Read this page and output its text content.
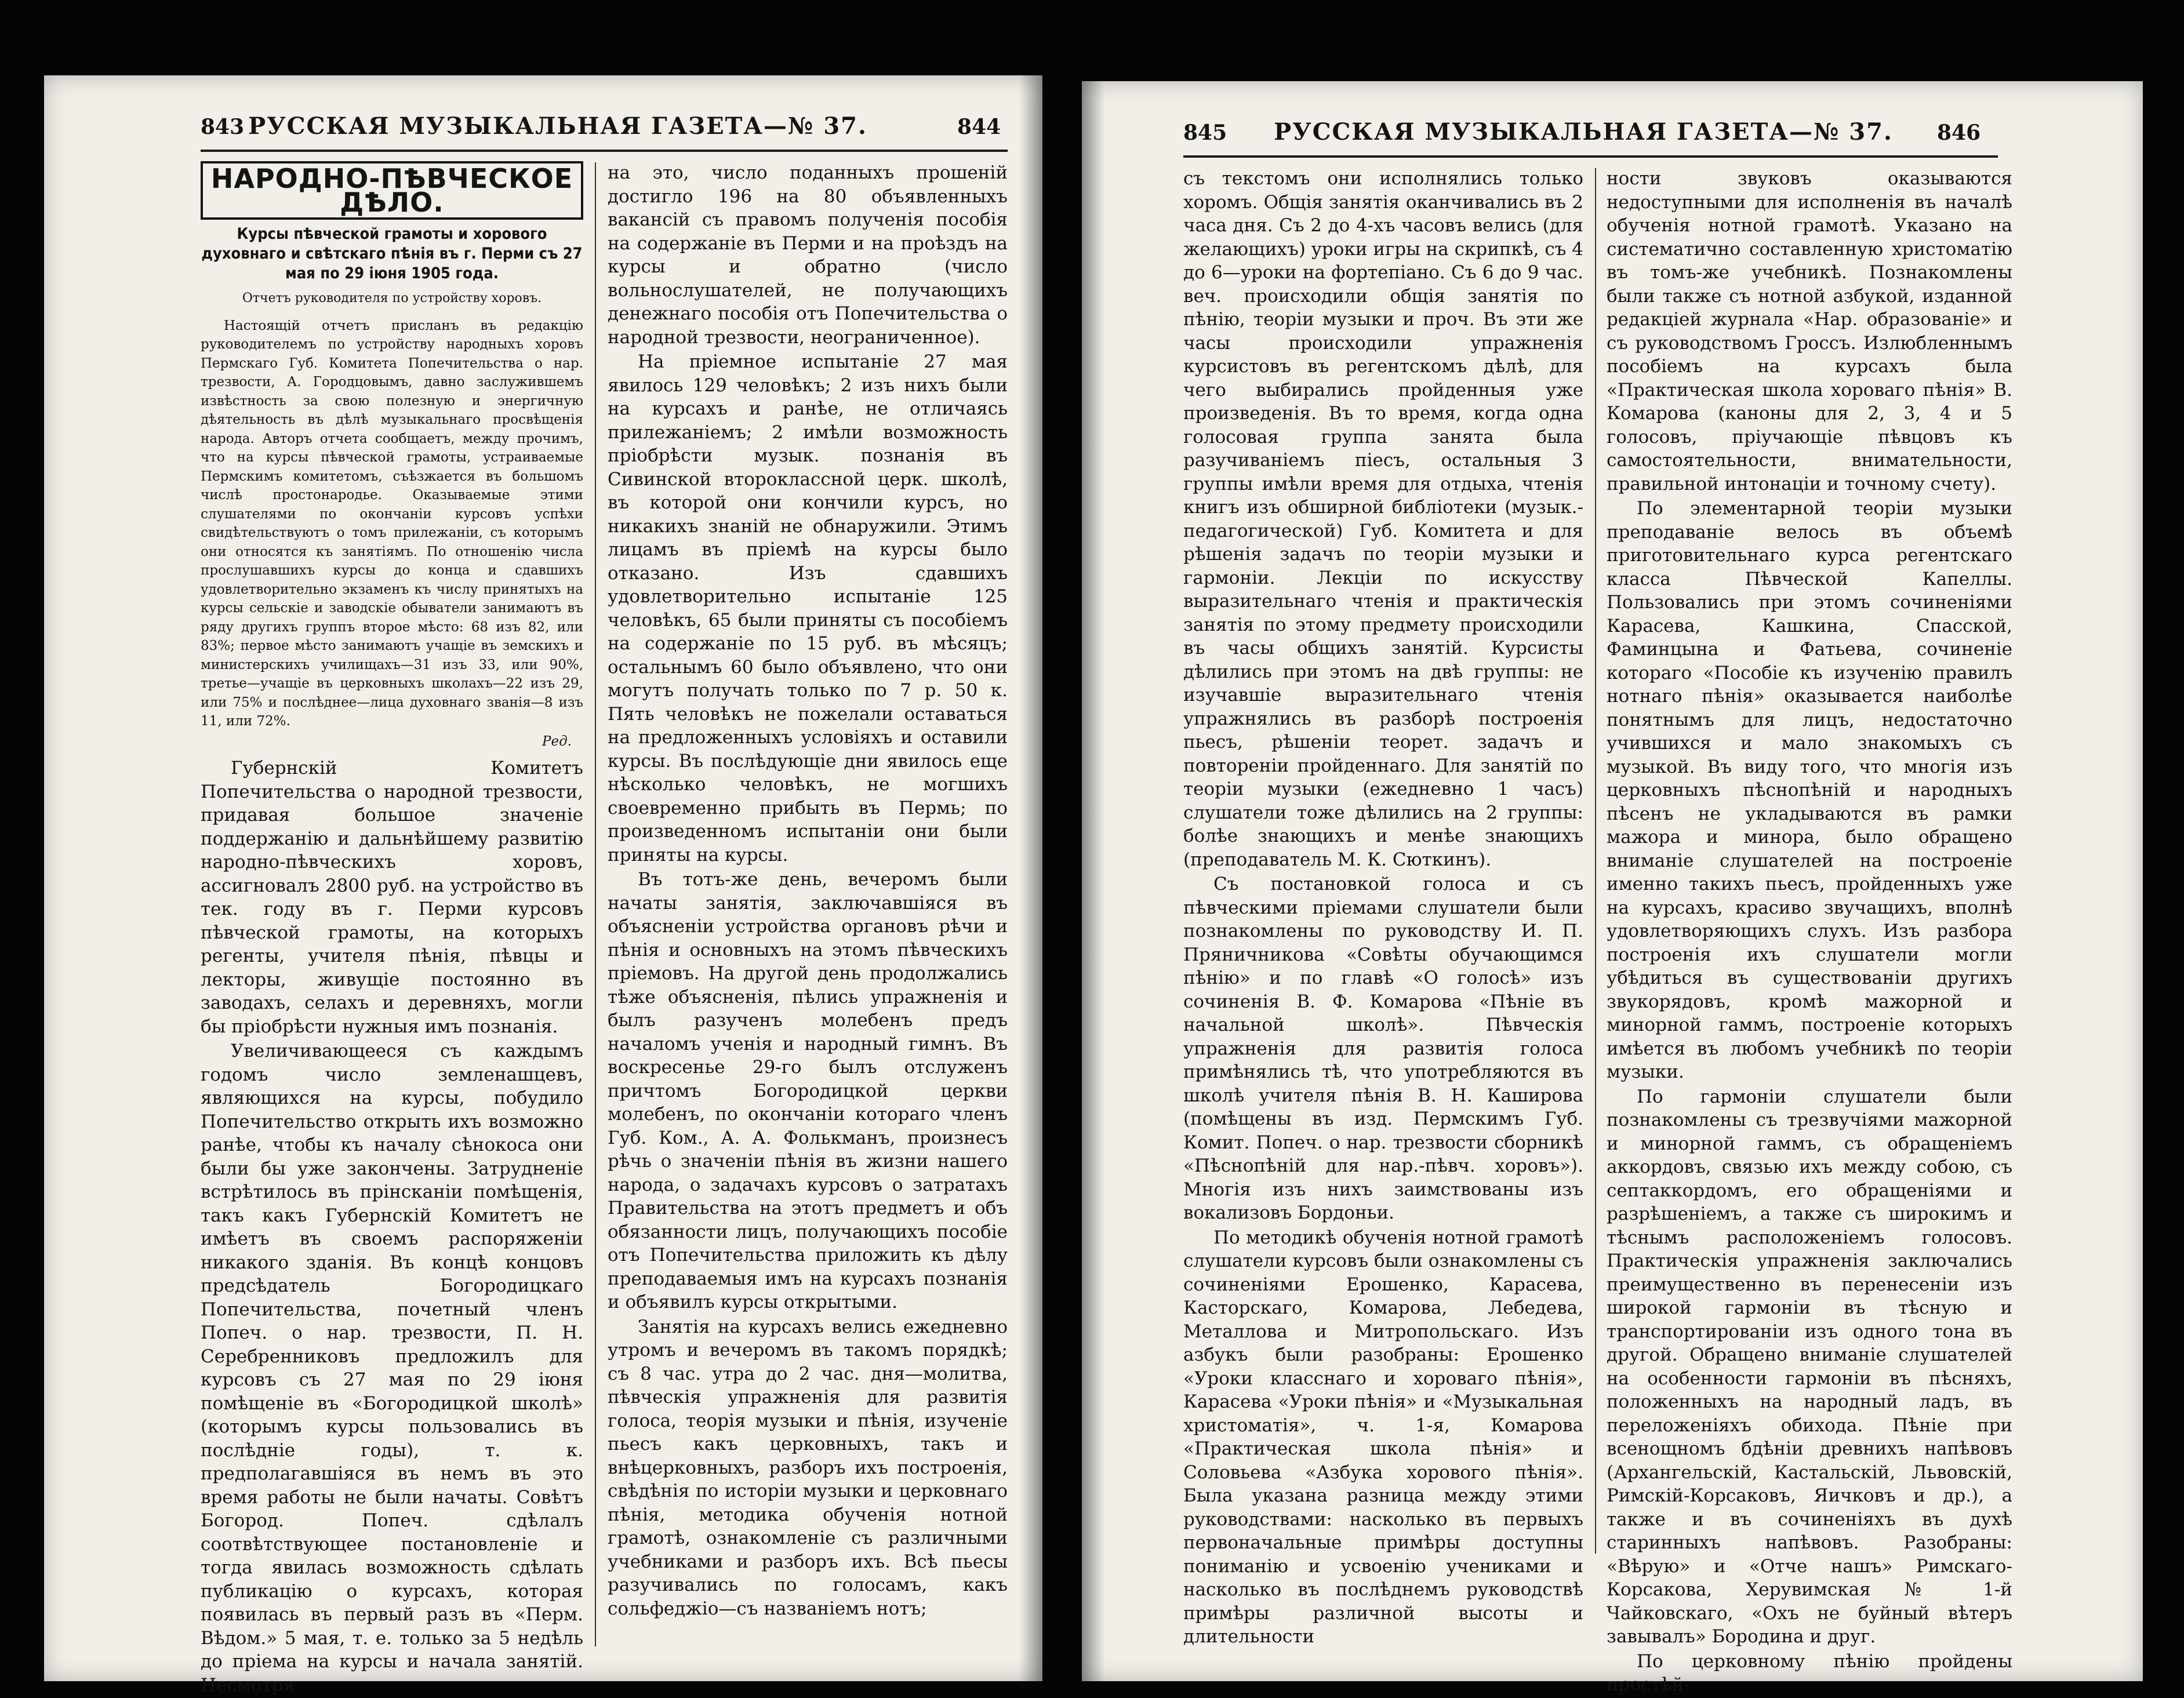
843 РУССКАЯ МУЗЫКАЛЬНАЯ ГАЗЕТА—№ 37.	844
НАРОДНО-ПѢВЧЕСКОЕ ДѢЛО.
Курсы пѣвческой грамоты и хорового духовнаго и свѣтскаго пѣнія въ г. Перми съ 27 мая по 29 іюня 1905 года.
Отчетъ руководителя по устройству хоровъ.

Настоящій отчетъ присланъ въ редакцію руководителемъ по устройству народныхъ хоровъ Пермскаго Губ. Комитета Попечительства о нар. трезвости, А. Городцовымъ, давно заслужившемъ извѣстность за свою полезную и энергичную дѣятельность въ дѣлѣ музыкальнаго просвѣщенія народа. Авторъ отчета сообщаетъ, между прочимъ, что на курсы пѣвческой грамоты, устраиваемые Пермскимъ комитетомъ, съѣзжается въ большомъ числѣ простонародье. Оказываемые этими слушателями по окончаніи курсовъ успѣхи свидѣтельствуютъ о томъ прилежаніи, съ которымъ они относятся къ занятіямъ. По отношенію числа прослушавшихъ курсы до конца и сдавшихъ удовлетворительно экзаменъ къ числу принятыхъ на курсы сельскіе и заводскіе обыватели занимаютъ въ ряду другихъ группъ второе мѣсто: 68 изъ 82, или 83%; первое мѣсто занимаютъ учащіе въ земскихъ и министерскихъ училищахъ—31 изъ 33, или 90%, третье—учащіе въ церковныхъ школахъ—22 изъ 29, или 75% и послѣднее—лица духовнаго званія—8 изъ 11, или 72%.

Ред.

Губернскій Комитетъ Попечительства о народной трезвости, придавая большое значеніе поддержанію и дальнѣйшему развитію народно-пѣвческихъ хоровъ, ассигновалъ 2800 руб. на устройство въ тек. году въ г. Перми курсовъ пѣвческой грамоты, на которыхъ регенты, учителя пѣнія, пѣвцы и лекторы, живущіе постоянно въ заводахъ, селахъ и деревняхъ, могли бы пріобрѣсти нужныя имъ познанія.

Увеличивающееся съ каждымъ годомъ число земленашцевъ, являющихся на курсы, побудило Попечительство открыть ихъ возможно ранѣе, чтобы къ началу сѣнокоса они были бы уже закончены. Затрудненіе встрѣтилось въ прінсканіи помѣщенія, такъ какъ Губернскій Комитетъ не имѣетъ въ своемъ распоряженіи никакого зданія. Въ концѣ концовъ предсѣдатель Богородицкаго Попечительства, почетный членъ Попеч. о нар. трезвости, П. Н. Серебренниковъ предложилъ для курсовъ съ 27 мая по 29 іюня помѣщеніе въ «Богородицкой школѣ» (которымъ курсы пользовались въ послѣдніе годы), т. к. предполагавшіяся въ немъ въ это время работы не были начаты. Совѣтъ Богород. Попеч. сдѣлалъ соотвѣтствующее постановленіе и тогда явилась возможность сдѣлать публикацію о курсахъ, которая появилась въ первый разъ въ «Перм. Вѣдом.» 5 мая, т. е. только за 5 недѣль до пріема на курсы и начала занятій. Несмотря

на это, число поданныхъ прошеній достигло 196 на 80 объявленныхъ вакансій съ правомъ полученія пособія на содержаніе въ Перми и на проѣздъ на курсы и обратно (число вольнослушателей, не получающихъ денежнаго пособія отъ Попечительства о народной трезвости, неограниченное).

На пріемное испытаніе 27 мая явилось 129 человѣкъ; 2 изъ нихъ были на курсахъ и ранѣе, не отличаясь прилежаніемъ; 2 имѣли возможность пріобрѣсти музык. познанія въ Сивинской второклассной церк. школѣ, въ которой они кончили курсъ, но никакихъ знаній не обнаружили. Этимъ лицамъ въ пріемѣ на курсы было отказано. Изъ сдавшихъ удовлетворительно испытаніе 125 человѣкъ, 65 были приняты съ пособіемъ на содержаніе по 15 руб. въ мѣсяцъ; остальнымъ 60 было объявлено, что они могутъ получать только по 7 р. 50 к. Пять человѣкъ не пожелали оставаться на предложенныхъ условіяхъ и оставили курсы. Въ послѣдующіе дни явилось еще нѣсколько человѣкъ, не могшихъ своевременно прибыть въ Пермь; по произведенномъ испытаніи они были приняты на курсы.

Въ тотъ-же день, вечеромъ были начаты занятія, заключавшіяся въ объясненіи устройства органовъ рѣчи и пѣнія и основныхъ на этомъ пѣвческихъ пріемовъ. На другой день продолжались тѣже объясненія, пѣлись упражненія и былъ разученъ молебенъ предъ началомъ ученія и народный гимнъ. Въ воскресенье 29-го былъ отслуженъ причтомъ Богородицкой церкви молебенъ, по окончаніи котораго членъ Губ. Ком., А. А. Фолькманъ, произнесъ рѣчь о значеніи пѣнія въ жизни нашего народа, о задачахъ курсовъ о затратахъ Правительства на этотъ предметъ и объ обязанности лицъ, получающихъ пособіе отъ Попечительства приложить къ дѣлу преподаваемыя имъ на курсахъ познанія и объявилъ курсы открытыми.

Занятія на курсахъ велись ежедневно утромъ и вечеромъ въ такомъ порядкѣ; съ 8 час. утра до 2 час. дня—молитва, пѣвческія упражненія для развитія голоса, теорія музыки и пѣнія, изученіе пьесъ какъ церковныхъ, такъ и внѣцерковныхъ, разборъ ихъ построенія, свѣдѣнія по исторіи музыки и церковнаго пѣнія, методика обученія нотной грамотѣ, ознакомленіе съ различными учебниками и разборъ ихъ. Всѣ пьесы разучивались по голосамъ, какъ сольфеджіо—съ названіемъ нотъ;

845	РУССКАЯ МУЗЫКАЛЬНАЯ ГАЗЕТА—№ 37.	846

съ текстомъ они исполнялись только хоромъ. Общія занятія оканчивались въ 2 часа дня. Съ 2 до 4-хъ часовъ велись (для желающихъ) уроки игры на скрипкѣ, съ 4 до 6—уроки на фортепіано. Съ 6 до 9 час. веч. происходили общія занятія по пѣнію, теоріи музыки и проч. Въ эти же часы происходили упражненія курсистовъ въ регентскомъ дѣлѣ, для чего выбирались пройденныя уже произведенія. Въ то время, когда одна голосовая группа занята была разучиваніемъ піесъ, остальныя 3 группы имѣли время для отдыха, чтенія книгъ изъ обширной библіотеки (музык.-педагогической) Губ. Комитета и для рѣшенія задачъ по теоріи музыки и гармоніи. Лекціи по искусству выразительнаго чтенія и практическія занятія по этому предмету происходили въ часы общихъ занятій. Курсисты дѣлились при этомъ на двѣ группы: не изучавшіе выразительнаго чтенія упражнялись въ разборѣ построенія пьесъ, рѣшеніи теорет. задачъ и повтореніи пройденнаго. Для занятій по теоріи музыки (ежедневно 1 часъ) слушатели тоже дѣлились на 2 группы: болѣе знающихъ и менѣе знающихъ (преподаватель М. К. Сюткинъ).

Съ постановкой голоса и съ пѣвческими пріемами слушатели были познакомлены по руководству И. П. Пряничникова «Совѣты обучающимся пѣнію» и по главѣ «О голосѣ» изъ сочиненія В. Ф. Комарова «Пѣніе въ начальной школѣ». Пѣвческія упражненія для развитія голоса примѣнялись тѣ, что употребляются въ школѣ учителя пѣнія В. Н. Каширова (помѣщены въ изд. Пермскимъ Губ. Комит. Попеч. о нар. трезвости сборникѣ «Пѣснопѣній для нар.-пѣвч. хоровъ»). Многія изъ нихъ заимствованы изъ вокализовъ Бордоньи.

По методикѣ обученія нотной грамотѣ слушатели курсовъ были ознакомлены съ сочиненіями Ерошенко, Карасева, Касторскаго, Комарова, Лебедева, Металлова и Митропольскаго. Изъ азбукъ были разобраны: Ерошенко «Уроки класснаго и хороваго пѣнія», Карасева «Уроки пѣнія» и «Музыкальная христоматія», ч. 1-я, Комарова «Практическая школа пѣнія» и Соловьева «Азбука хорового пѣнія». Была указана разница между этими руководствами: насколько въ первыхъ первоначальные примѣры доступны пониманію и усвоенію учениками и насколько въ послѣднемъ руководствѣ примѣры различной высоты и длительности

ности звуковъ оказываются недоступными для исполненія въ началѣ обученія нотной грамотѣ. Указано на систематично составленную христоматію въ томъ-же учебникѣ. Познакомлены были также съ нотной азбукой, изданной редакціей журнала «Нар. образованіе» и съ руководствомъ Гроссъ. Излюбленнымъ пособіемъ на курсахъ была «Практическая школа хороваго пѣнія» В. Комарова (каноны для 2, 3, 4 и 5 голосовъ, пріучающіе пѣвцовъ къ самостоятельности, внимательности, правильной интонаціи и точному счету).

По элементарной теоріи музыки преподаваніе велось въ объемѣ приготовительнаго курса регентскаго класса Пѣвческой Капеллы. Пользовались при этомъ сочиненіями Карасева, Кашкина, Спасской, Фаминцына и Фатьева, сочиненіе котораго «Пособіе къ изученію правилъ нотнаго пѣнія» оказывается наиболѣе понятнымъ для лицъ, недостаточно учившихся и мало знакомыхъ съ музыкой. Въ виду того, что многія изъ церковныхъ пѣснопѣній и народныхъ пѣсенъ не укладываются въ рамки мажора и минора, было обращено вниманіе слушателей на построеніе именно такихъ пьесъ, пройденныхъ уже на курсахъ, красиво звучащихъ, вполнѣ удовлетворяющихъ слухъ. Изъ разбора построенія ихъ слушатели могли убѣдиться въ существованіи другихъ звукорядовъ, кромѣ мажорной и минорной гаммъ, построеніе которыхъ имѣется въ любомъ учебникѣ по теоріи музыки.

По гармоніи слушатели были познакомлены съ трезвучіями мажорной и минорной гаммъ, съ обращеніемъ аккордовъ, связью ихъ между собою, съ септаккордомъ, его обращеніями и разрѣшеніемъ, а также съ широкимъ и тѣснымъ расположеніемъ голосовъ. Практическія упражненія заключались преимущественно въ перенесеніи изъ широкой гармоніи въ тѣсную и транспортированіи изъ одного тона въ другой. Обращено вниманіе слушателей на особенности гармоніи въ пѣсняхъ, положенныхъ на народный ладъ, въ переложеніяхъ обихода. Пѣніе при всенощномъ бдѣніи древнихъ напѣвовъ (Архангельскій, Кастальскій, Львовскій, Римскій-Корсаковъ, Яичковъ и др.), а также и въ сочиненіяхъ въ духѣ старинныхъ напѣвовъ. Разобраны: «Вѣрую» и «Отче нашъ» Римскаго-Корсакова, Херувимская № 1-й Чайковскаго, «Охъ не буйный вѣтеръ завывалъ» Бородина и друг.

По церковному пѣнію пройдены простѣй-
